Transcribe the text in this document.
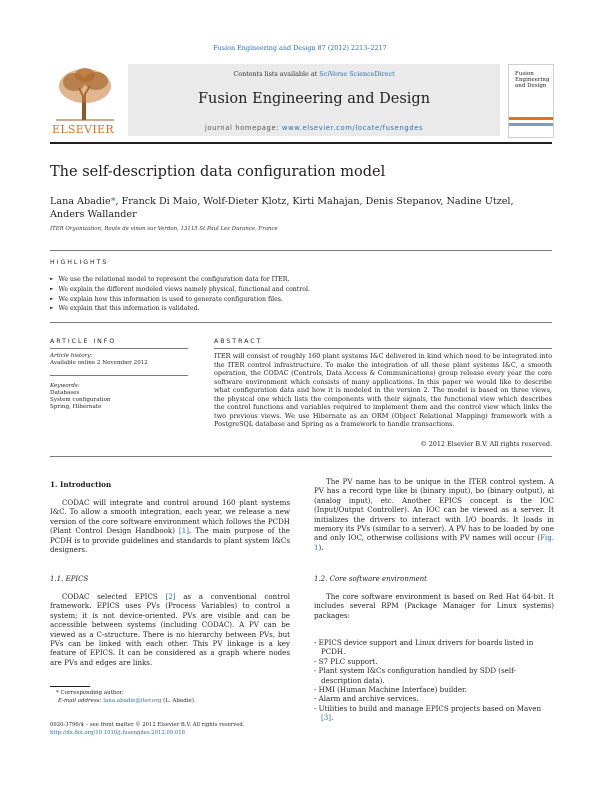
Fusion Engineering and Design 87 (2012) 2213–2217
ELSEVIER
Contents lists available at SciVerse ScienceDirect
Fusion Engineering and Design
journal homepage: www.elsevier.com/locate/fusengdes
Fusion Engineering and Design
The self-description data configuration model
Lana Abadie*, Franck Di Maio, Wolf-Dieter Klotz, Kirti Mahajan, Denis Stepanov, Nadine Utzel,
Anders Wallander
ITER Organization, Route de vinon sur Verdon, 13115 St Paul Lez Durance, France
HIGHLIGHTS
► We use the relational model to represent the configuration data for ITER.
► We explain the different modeled views namely physical, functional and control.
► We explain how this information is used to generate configuration files.
► We explain that this information is validated.
ARTICLE INFO
Article history:
Available online 2 November 2012
Keywords:
Databases
System configuration
Spring, Hibernate
ABSTRACT
ITER will consist of roughly 160 plant systems I&C delivered in kind which need to be integrated into the ITER control infrastructure. To make the integration of all these plant systems I&C, a smooth operation, the CODAC (Controls, Data Access & Communications) group release every year the core software environment which consists of many applications. In this paper we would like to describe what configuration data and how it is modeled in the version 2. The model is based on three views, the physical one which lists the components with their signals, the functional view which describes the control functions and variables required to implement them and the control view which links the two previous views. We use Hibernate as an ORM (Object Relational Mapping) framework with a PostgreSQL database and Spring as a framework to handle transactions.
© 2012 Elsevier B.V. All rights reserved.
1. Introduction

CODAC will integrate and control around 160 plant systems I&C. To allow a smooth integration, each year, we release a new version of the core software environment which follows the PCDH (Plant Control Design Handbook) [1]. The main purpose of the PCDH is to provide guidelines and standards to plant system I&Cs designers.

1.1. EPICS

CODAC selected EPICS [2] as a conventional control framework. EPICS uses PVs (Process Variables) to control a system; it is not device-oriented. PVs are visible and can be accessible between systems (including CODAC). A PV can be viewed as a C-structure. There is no hierarchy between PVs, but PVs can be linked with each other. This PV linkage is a key feature of EPICS. It can be considered as a graph where nodes are PVs and edges are links.

The PV name has to be unique in the ITER control system. A PV has a record type like bi (binary input), bo (binary output), ai (analog input), etc. Another EPICS concept is the IOC (Input/Output Controller). An IOC can be viewed as a server. It initializes the drivers to interact with I/O boards. It loads in memory its PVs (similar to a server). A PV has to be loaded by one and only IOC, otherwise collisions with PV names will occur (Fig. 1).

1.2. Core software environment

The core software environment is based on Red Hat 64-bit. It includes several RPM (Package Manager for Linux systems) packages:

- EPICS device support and Linux drivers for boards listed in PCDH.
- S7 PLC support.
- Plant system I&Cs configuration handled by SDD (self-description data).
- HMI (Human Machine Interface) builder.
- Alarm and archive services.
- Utilities to build and manage EPICS projects based on Maven [3].
* Corresponding author.
E-mail address: lana.abadie@iter.org (L. Abadie).
0920-3796/$ – see front matter © 2012 Elsevier B.V. All rights reserved.
http://dx.doi.org/10.1016/j.fusengdes.2012.09.018
